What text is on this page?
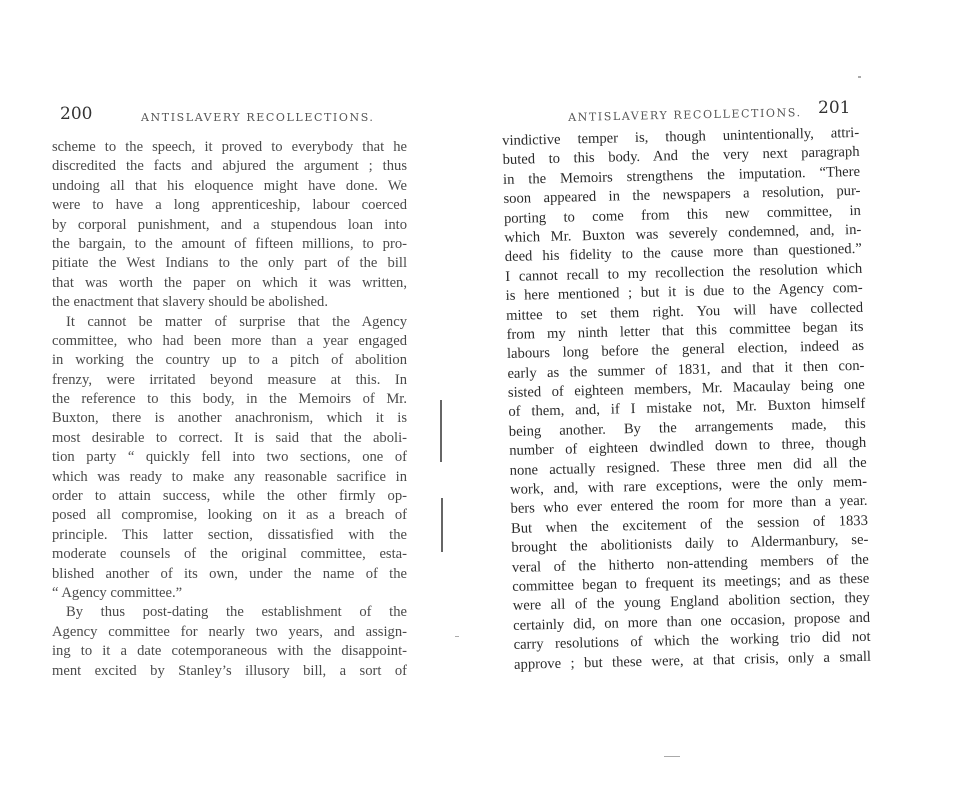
200	ANTISLAVERY RECOLLECTIONS.
scheme to the speech, it proved to everybody that he
discredited the facts and abjured the argument ; thus
undoing all that his eloquence might have done. We
were to have a long apprenticeship, labour coerced
by corporal punishment, and a stupendous loan into
the bargain, to the amount of fifteen millions, to pro-
pitiate the West Indians to the only part of the bill
that was worth the paper on which it was written,
the enactment that slavery should be abolished.
It cannot be matter of surprise that the Agency
committee, who had been more than a year engaged
in working the country up to a pitch of abolition
frenzy, were irritated beyond measure at this. In
the reference to this body, in the Memoirs of Mr.
Buxton, there is another anachronism, which it is
most desirable to correct. It is said that the aboli-
tion party “ quickly fell into two sections, one of
which was ready to make any reasonable sacrifice in
order to attain success, while the other firmly op-
posed all compromise, looking on it as a breach of
principle. This latter section, dissatisfied with the
moderate counsels of the original committee, esta-
blished another of its own, under the name of the
“ Agency committee.”
By thus post-dating the establishment of the
Agency committee for nearly two years, and assign-
ing to it a date cotemporaneous with the disappoint-
ment excited by Stanley’s illusory bill, a sort of
ANTISLAVERY RECOLLECTIONS. 201
vindictive temper is, though unintentionally, attri-
buted to this body. And the very next paragraph
in the Memoirs strengthens the imputation. “There
soon appeared in the newspapers a resolution, pur-
porting to come from this new committee, in
which Mr. Buxton was severely condemned, and, in-
deed his fidelity to the cause more than questioned.”
I cannot recall to my recollection the resolution which
is here mentioned ; but it is due to the Agency com-
mittee to set them right. You will have collected
from my ninth letter that this committee began its
labours long before the general election, indeed as
early as the summer of 1831, and that it then con-
sisted of eighteen members, Mr. Macaulay being one
of them, and, if I mistake not, Mr. Buxton himself
being another. By the arrangements made, this
number of eighteen dwindled down to three, though
none actually resigned. These three men did all the
work, and, with rare exceptions, were the only mem-
bers who ever entered the room for more than a year.
But when the excitement of the session of 1833
brought the abolitionists daily to Aldermanbury, se-
veral of the hitherto non-attending members of the
committee began to frequent its meetings; and as these
were all of the young England abolition section, they
certainly did, on more than one occasion, propose and
carry resolutions of which the working trio did not
approve ; but these were, at that crisis, only a small
